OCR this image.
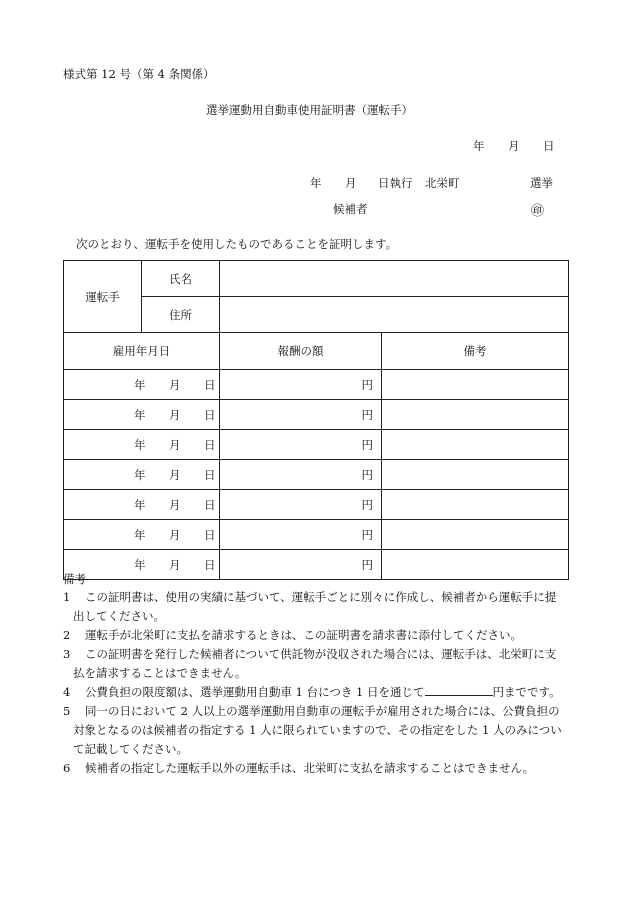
様式第 12 号（第 4 条関係）
選挙運動用自動車使用証明書（運転手）
年 月 日
年 月 日執行 北栄町	選挙
候補者	㊞
次のとおり、運転手を使用したものであることを証明します。
運転手	氏名		
	住所		
雇用年月日		報酬の額	備考

年 月 日		円	

年 月 日		円	

年 月 日		円	

年 月 日		円	

年 月 日		円	

年 月 日		円	

年 月 日		円	
備考
1 この証明書は、使用の実績に基づいて、運転手ごとに別々に作成し、候補者から運転手に提
出してください。
2 運転手が北栄町に支払を請求するときは、この証明書を請求書に添付してください。
3 この証明書を発行した候補者について供託物が没収された場合には、運転手は、北栄町に支
払を請求することはできません。
4 公費負担の限度額は、選挙運動用自動車 1 台につき 1 日を通じて	円までです。
5 同一の日において 2 人以上の選挙運動用自動車の運転手が雇用された場合には、公費負担の
対象となるのは候補者の指定する 1 人に限られていますので、その指定をした 1 人のみについ
て記載してください。
6 候補者の指定した運転手以外の運転手は、北栄町に支払を請求することはできません。
